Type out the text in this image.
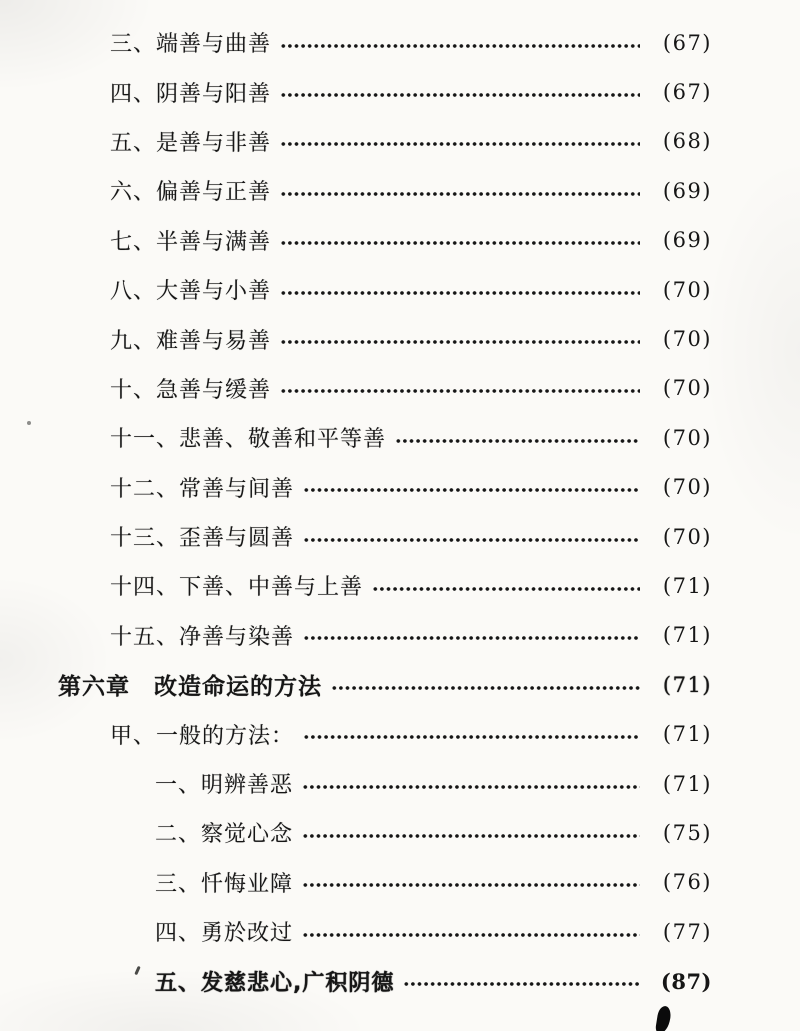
三、端善与曲善	(67)
四、阴善与阳善	(67)
五、是善与非善	(68)
六、偏善与正善	(69)
七、半善与满善	(69)
八、大善与小善	(70)
九、难善与易善	(70)
十、急善与缓善	(70)
十一、悲善、敬善和平等善	(70)
十二、常善与间善	(70)
十三、歪善与圆善	(70)
十四、下善、中善与上善	(71)
十五、净善与染善	(71)
第六章　改造命运的方法	(71)
甲、一般的方法：	(71)
一、明辨善恶	(71)
二、察觉心念	(75)
三、忏悔业障	(76)
四、勇於改过	(77)
五、发慈悲心,广积阴德	(87)
